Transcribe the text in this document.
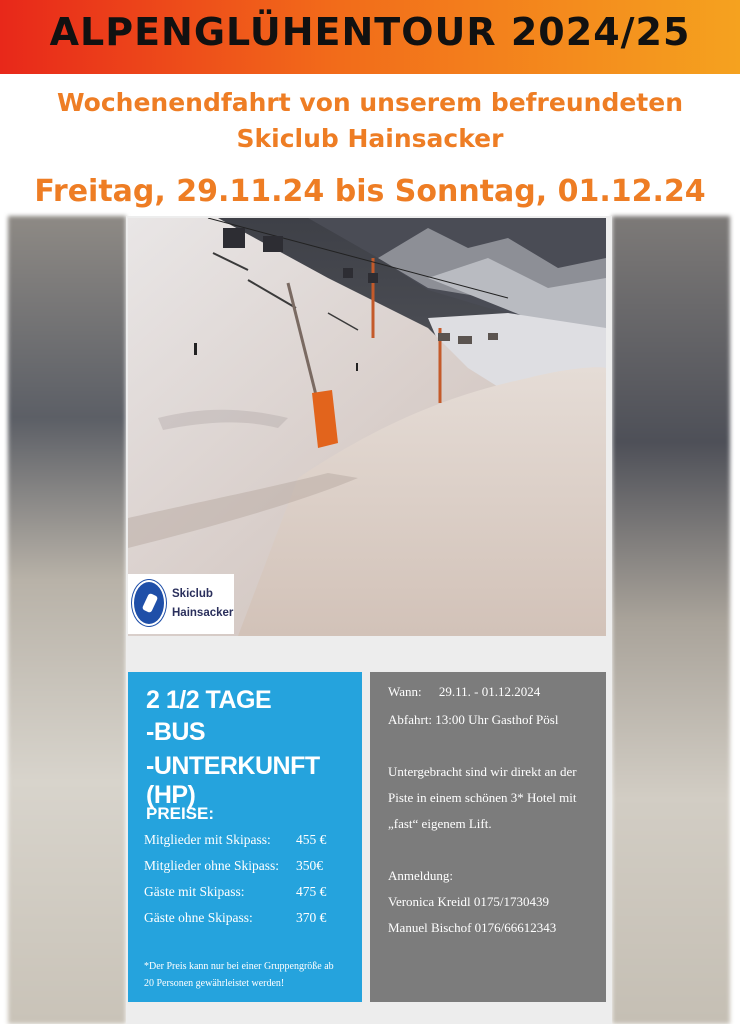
ALPENGLÜHENTOUR 2024/25
Wochenendfahrt von unserem befreundeten
Skiclub Hainsacker
Freitag, 29.11.24 bis Sonntag, 01.12.24
Skiclub
Hainsacker
2 1/2 TAGE
-BUS
-UNTERKUNFT (HP)
PREISE:
Mitglieder mit Skipass: 455 €
Mitglieder ohne Skipass: 350€
Gäste mit Skipass:	475 €
Gäste ohne Skipass:	370 €
*Der Preis kann nur bei einer Gruppengröße ab
20 Personen gewährleistet werden!
Wann: 29.11. - 01.12.2024
Abfahrt: 13:00 Uhr Gasthof Pösl
Untergebracht sind wir direkt an der
Piste in einem schönen 3* Hotel mit
„fast“ eigenem Lift.
Anmeldung:
Veronica Kreidl 0175/1730439
Manuel Bischof 0176/66612343
